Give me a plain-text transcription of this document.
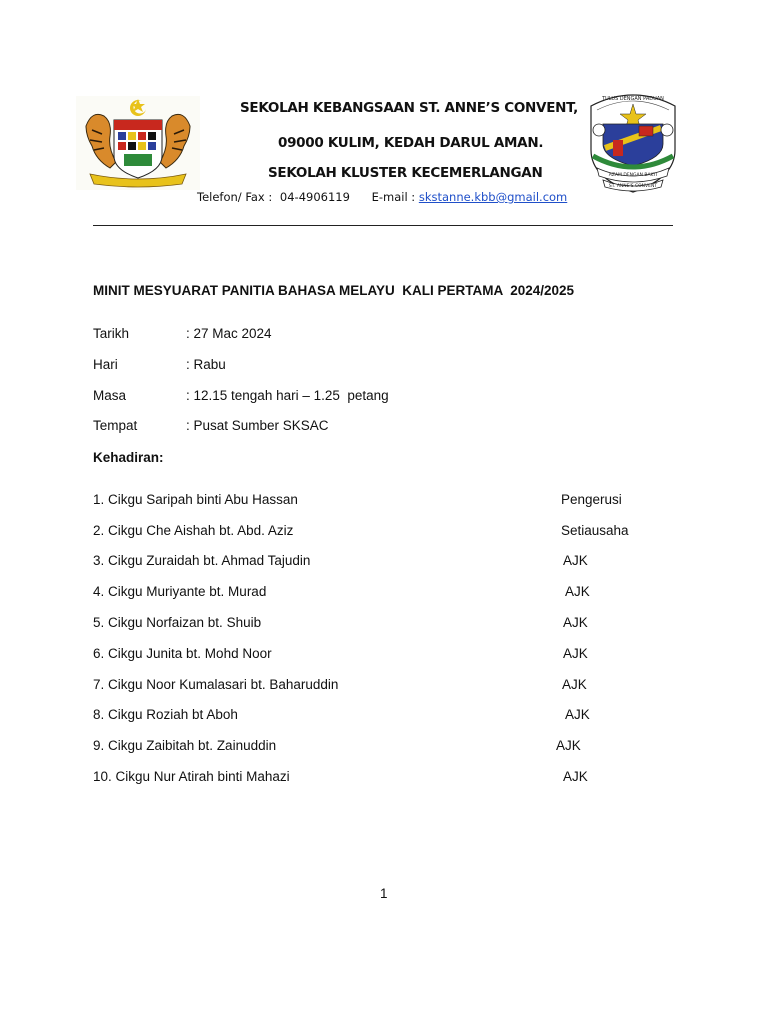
SEKOLAH KEBANGSAAN ST. ANNE’S CONVENT,
09000 KULIM, KEDAH DARUL AMAN.
SEKOLAH KLUSTER KECEMERLANGAN
Telefon/ Fax : 04-4906119 E-mail : skstanne.kbb@gmail.com
TULUS DENGAN PADUAN
AZAM DENGAN BAKTI
ST. ANNE'S CONVENT
MINIT MESYUARAT PANITIA BAHASA MELAYU  KALI PERTAMA  2024/2025
Tarikh	: 27 Mac 2024
Hari	: Rabu
Masa	: 12.15 tengah hari – 1.25  petang
Tempat	: Pusat Sumber SKSAC
Kehadiran:
1. Cikgu Saripah binti Abu Hassan	Pengerusi
2. Cikgu Che Aishah bt. Abd. Aziz	Setiausaha
3. Cikgu Zuraidah bt. Ahmad Tajudin	AJK
4. Cikgu Muriyante bt. Murad	AJK
5. Cikgu Norfaizan bt. Shuib	AJK
6. Cikgu Junita bt. Mohd Noor	AJK
7. Cikgu Noor Kumalasari bt. Baharuddin	AJK
8. Cikgu Roziah bt Aboh	AJK
9. Cikgu Zaibitah bt. Zainuddin	AJK
10. Cikgu Nur Atirah binti Mahazi	AJK
1
